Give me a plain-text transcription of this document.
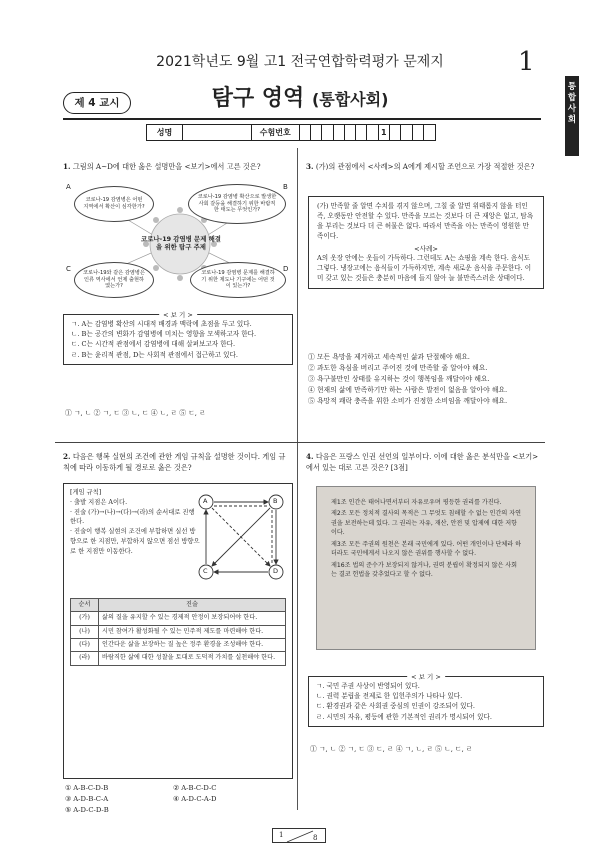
2021학년도 9월 고1 전국연합학력평가 문제지	1
통
합
사
회
제 4 교시	탐구 영역 (통합사회)
성명	수험번호	1
1. 그림의 A~D에 대한 옳은 설명만을 <보기>에서 고른 것은?
A	B
C	D
코로나-19 감염병은 어떤 지역에서 확산이 심각한가?
코로나-19 감염병 확산으로 발생한 사회 갈등을 해결하기 위한 바람직한 태도는 무엇인가?
코로나-19와 같은 감염병은 인류 역사에서 언제 출현하였는가?
코로나-19 감염병 문제를 해결하기 위한 제도나 기구에는 어떤 것이 있는가?
코로나-19 감염병 문제 해결을 위한 탐구 주제
< 보 기 >
ㄱ. A는 감염병 확산의 시대적 배경과 맥락에 초점을 두고 있다.
ㄴ. B는 공간의 변화가 감염병에 미치는 영향을 모색하고자 한다.
ㄷ. C는 시간적 관점에서 감염병에 대해 살펴보고자 한다.
ㄹ. B는 윤리적 관점, D는 사회적 관점에서 접근하고 있다.
① ㄱ, ㄴ ② ㄱ, ㄷ ③ ㄴ, ㄷ ④ ㄴ, ㄹ ⑤ ㄷ, ㄹ
2. 다음은 행복 실현의 조건에 관한 게임 규칙을 설명한 것이다. 게임 규칙에 따라 이동하게 될 경로로 옳은 것은?
[게임 규칙]
· 출발 지점은 A이다.
· 진술 (가)→(나)→(다)→(라)의 순서대로 진행한다.
· 진술이 행복 실현의 조건에 부합하면 실선 방향으로 한 지점만, 부합하지 않으면 점선 방향으로 한 지점만 이동한다.
A	B
C	D
순서	진술
(가)	삶의 질을 유지할 수 있는 경제적 안정이 보장되어야 한다.
(나)	시민 참여가 활성화될 수 있는 민주적 제도를 마련해야 한다.
(다)	인간다운 삶을 보장하는 질 높은 정주 환경을 조성해야 한다.
(라)	바람직한 삶에 대한 성찰을 토대로 도덕적 가치를 실천해야 한다.
① A-B-C-D-B	② A-B-C-D-C
③ A-D-B-C-A	④ A-D-C-A-D
⑤ A-D-C-D-B
3. (가)의 관점에서 <사례>의 A에게 제시할 조언으로 가장 적절한 것은?
(가) 만족할 줄 알면 수치를 겪지 않으며, 그칠 줄 알면 위태롭지 않을 터인즉, 오랫동안 안전할 수 있다. 만족을 모르는 것보다 더 큰 재앙은 없고, 탐욕을 부리는 것보다 더 큰 허물은 없다. 따라서 만족을 아는 만족이 영원한 만족이다.
<사례>
A의 옷장 안에는 옷들이 가득하다. 그런데도 A는 쇼핑을 계속 한다. 음식도 그렇다. 냉장고에는 음식들이 가득하지만, 계속 새로운 음식을 주문한다. 이미 갖고 있는 것들은 충분히 마음에 들지 않아 늘 불만족스러운 상태이다.
① 모든 욕망을 제거하고 세속적인 삶과 단절해야 해요.
② 과도한 욕심을 버리고 주어진 것에 만족할 줄 알아야 해요.
③ 욕구불만인 상태를 유지하는 것이 행복임을 깨달아야 해요.
④ 현재의 삶에 만족하기만 하는 사람은 발전이 없음을 알아야 해요.
⑤ 욕망적 쾌락 충족을 위한 소비가 진정한 소비임을 깨달아야 해요.
4. 다음은 프랑스 인권 선언의 일부이다. 이에 대한 옳은 분석만을 <보기>에서 있는 대로 고른 것은? [3점]
제1조 인간은 태어나면서부터 자유로우며 평등한 권리를 가진다.
제2조 모든 정치적 결사의 목적은 그 무엇도 침해할 수 없는 인간의 자연권을 보전하는데 있다. 그 권리는 자유, 재산, 안전 및 압제에 대한 저항이다.
제3조 모든 주권의 원천은 본래 국민에게 있다. 어떤 개인이나 단체라 하더라도 국민에게서 나오지 않은 권위를 행사할 수 없다.
제16조 법의 준수가 보장되지 않거나, 권력 분립이 확정되지 않은 사회는 결코 헌법을 갖추었다고 할 수 없다.
< 보 기 >
ㄱ. 국민 주권 사상이 반영되어 있다.
ㄴ. 권력 분립을 전제로 한 입헌주의가 나타나 있다.
ㄷ. 환경권과 같은 사회권 중심의 인권이 강조되어 있다.
ㄹ. 시민의 자유, 평등에 관한 기본적인 권리가 명시되어 있다.
① ㄱ, ㄴ ② ㄱ, ㄷ ③ ㄷ, ㄹ ④ ㄱ, ㄴ, ㄹ ⑤ ㄴ, ㄷ, ㄹ
1	8
